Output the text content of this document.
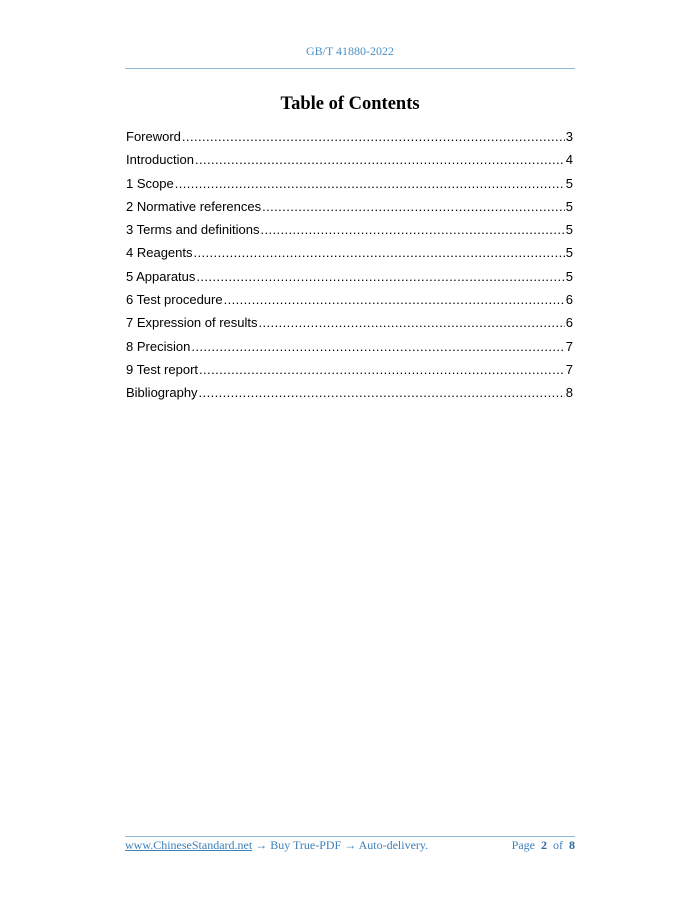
GB/T 41880-2022
Table of Contents
Foreword .....	3
Introduction .....	4
1 Scope .....	5
2 Normative references .....	5
3 Terms and definitions .....	5
4 Reagents .....	5
5 Apparatus .....	5
6 Test procedure .....	6
7 Expression of results .....	6
8 Precision .....	7
9 Test report .....	7
Bibliography .....	8
www.ChineseStandard.net → Buy True-PDF → Auto-delivery.	Page 2 of 8
